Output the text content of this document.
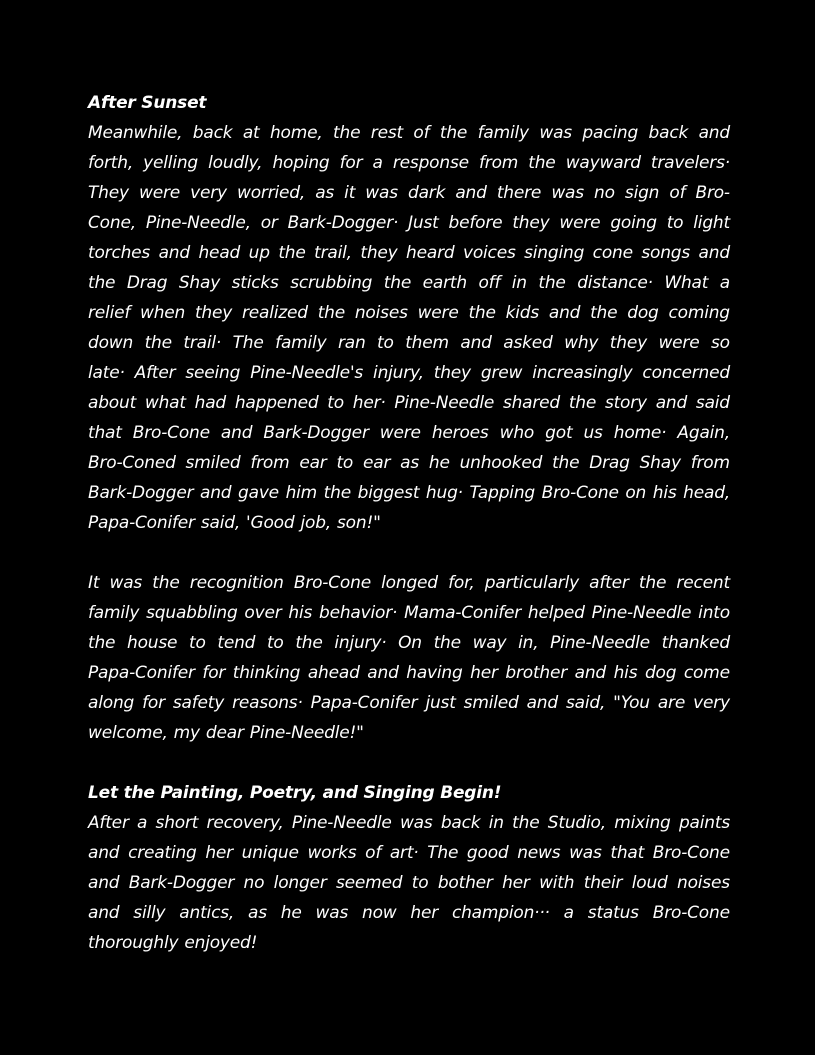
After Sunset
Meanwhile, back at home, the rest of the family was pacing back and
forth, yelling loudly, hoping for a response from the wayward travelers·
They were very worried, as it was dark and there was no sign of Bro-
Cone, Pine-Needle, or Bark-Dogger· Just before they were going to light
torches and head up the trail, they heard voices singing cone songs and
the Drag Shay sticks scrubbing the earth off in the distance· What a
relief when they realized the noises were the kids and the dog coming
down the trail· The family ran to them and asked why they were so
late· After seeing Pine-Needle's injury, they grew increasingly concerned
about what had happened to her· Pine-Needle shared the story and said
that Bro-Cone and Bark-Dogger were heroes who got us home· Again,
Bro-Coned smiled from ear to ear as he unhooked the Drag Shay from
Bark-Dogger and gave him the biggest hug· Tapping Bro-Cone on his head,
Papa-Conifer said, 'Good job, son!"
It was the recognition Bro-Cone longed for, particularly after the recent
family squabbling over his behavior· Mama-Conifer helped Pine-Needle into
the house to tend to the injury· On the way in, Pine-Needle thanked
Papa-Conifer for thinking ahead and having her brother and his dog come
along for safety reasons· Papa-Conifer just smiled and said, "You are very
welcome, my dear Pine-Needle!"
Let the Painting, Poetry, and Singing Begin!
After a short recovery, Pine-Needle was back in the Studio, mixing paints
and creating her unique works of art· The good news was that Bro-Cone
and Bark-Dogger no longer seemed to bother her with their loud noises
and silly antics, as he was now her champion··· a status Bro-Cone
thoroughly enjoyed!
